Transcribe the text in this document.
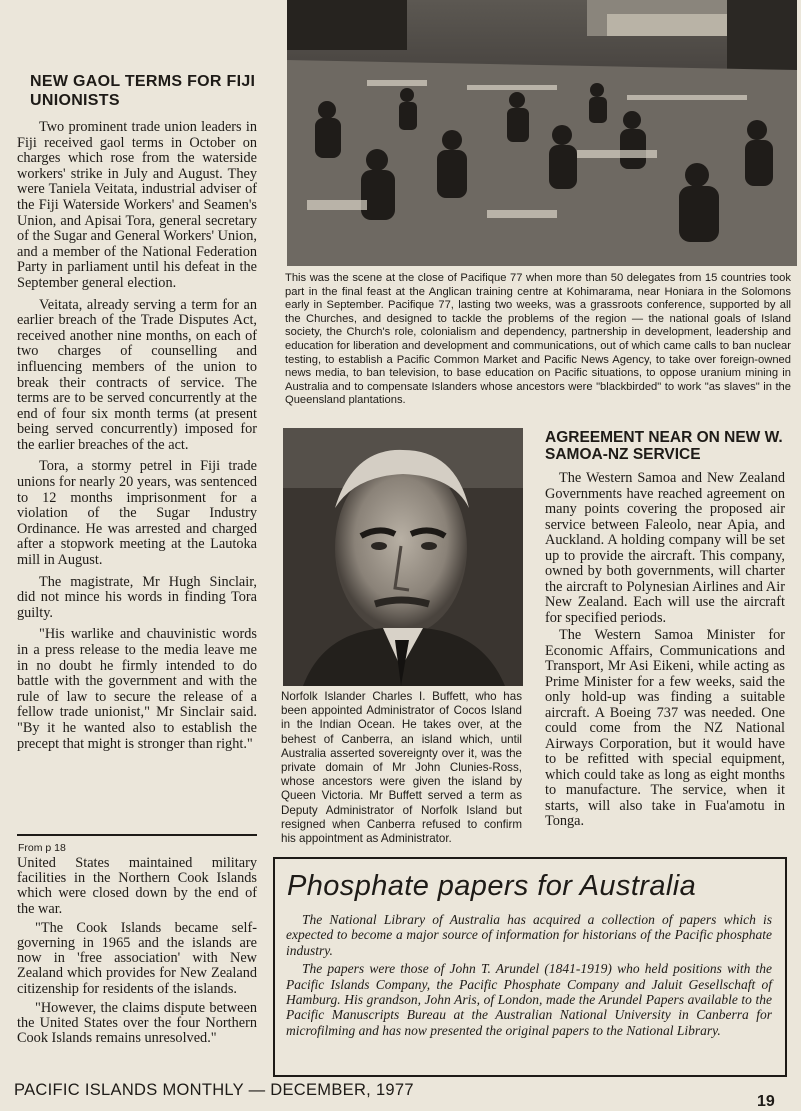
This was the scene at the close of Pacifique 77 when more than 50 delegates from 15 countries took part in the final feast at the Anglican training centre at Kohimarama, near Honiara in the Solomons early in September. Pacifique 77, lasting two weeks, was a grassroots conference, supported by all the Churches, and designed to tackle the problems of the region — the national goals of Island society, the Church's role, colonialism and dependency, partnership in development, leadership and education for liberation and development and communications, out of which came calls to ban nuclear testing, to establish a Pacific Common Market and Pacific News Agency, to take over foreign-owned news media, to ban television, to base education on Pacific situations, to oppose uranium mining in Australia and to compensate Islanders whose ancestors were "blackbirded" to work "as slaves" in the Queensland plantations.
NEW GAOL TERMS FOR FIJI UNIONISTS

Two prominent trade union leaders in Fiji received gaol terms in October on charges which rose from the waterside workers' strike in July and August. They were Taniela Veitata, industrial adviser of the Fiji Waterside Workers' and Seamen's Union, and Apisai Tora, general secretary of the Sugar and General Workers' Union, and a member of the National Federation Party in parliament until his defeat in the September general election.

Veitata, already serving a term for an earlier breach of the Trade Disputes Act, received another nine months, on each of two charges of counselling and influencing members of the union to break their contracts of service. The terms are to be served concurrently at the end of four six month terms (at present being served concurrently) imposed for the earlier breaches of the act.

Tora, a stormy petrel in Fiji trade unions for nearly 20 years, was sentenced to 12 months imprisonment for a violation of the Sugar Industry Ordinance. He was arrested and charged after a stopwork meeting at the Lautoka mill in August.

The magistrate, Mr Hugh Sinclair, did not mince his words in finding Tora guilty.

"His warlike and chauvinistic words in a press release to the media leave me in no doubt he firmly intended to do battle with the government and with the rule of law to secure the release of a fellow trade unionist," Mr Sinclair said. "By it he wanted also to establish the precept that might is stronger than right."

From p 18

United States maintained military facilities in the Northern Cook Islands which were closed down by the end of the war.

"The Cook Islands became self-governing in 1965 and the islands are now in 'free association' with New Zealand which provides for New Zealand citizenship for residents of the islands.

"However, the claims dispute between the United States over the four Northern Cook Islands remains unresolved."

Norfolk Islander Charles I. Buffett, who has been appointed Administrator of Cocos Island in the Indian Ocean. He takes over, at the behest of Canberra, an island which, until Australia asserted sovereignty over it, was the private domain of Mr John Clunies-Ross, whose ancestors were given the island by Queen Victoria. Mr Buffett served a term as Deputy Administrator of Norfolk Island but resigned when Canberra refused to confirm his appointment as Administrator.
AGREEMENT NEAR ON NEW W. SAMOA-NZ SERVICE

The Western Samoa and New Zealand Governments have reached agreement on many points covering the proposed air service between Faleolo, near Apia, and Auckland. A holding company will be set up to provide the aircraft. This company, owned by both governments, will charter the aircraft to Polynesian Airlines and Air New Zealand. Each will use the aircraft for specified periods.

The Western Samoa Minister for Economic Affairs, Communications and Transport, Mr Asi Eikeni, while acting as Prime Minister for a few weeks, said the only hold-up was finding a suitable aircraft. A Boeing 737 was needed. One could come from the NZ National Airways Corporation, but it would have to be refitted with special equipment, which could take as long as eight months to manufacture. The service, when it starts, will also take in Fua'amotu in Tonga.

Phosphate papers for Australia

The National Library of Australia has acquired a collection of papers which is expected to become a major source of information for historians of the Pacific phosphate industry.

The papers were those of John T. Arundel (1841-1919) who held positions with the Pacific Islands Company, the Pacific Phosphate Company and Jaluit Gesellschaft of Hamburg. His grandson, John Aris, of London, made the Arundel Papers available to the Pacific Manuscripts Bureau at the Australian National University in Canberra for microfilming and has now presented the original papers to the National Library.

PACIFIC ISLANDS MONTHLY — DECEMBER, 1977
19
